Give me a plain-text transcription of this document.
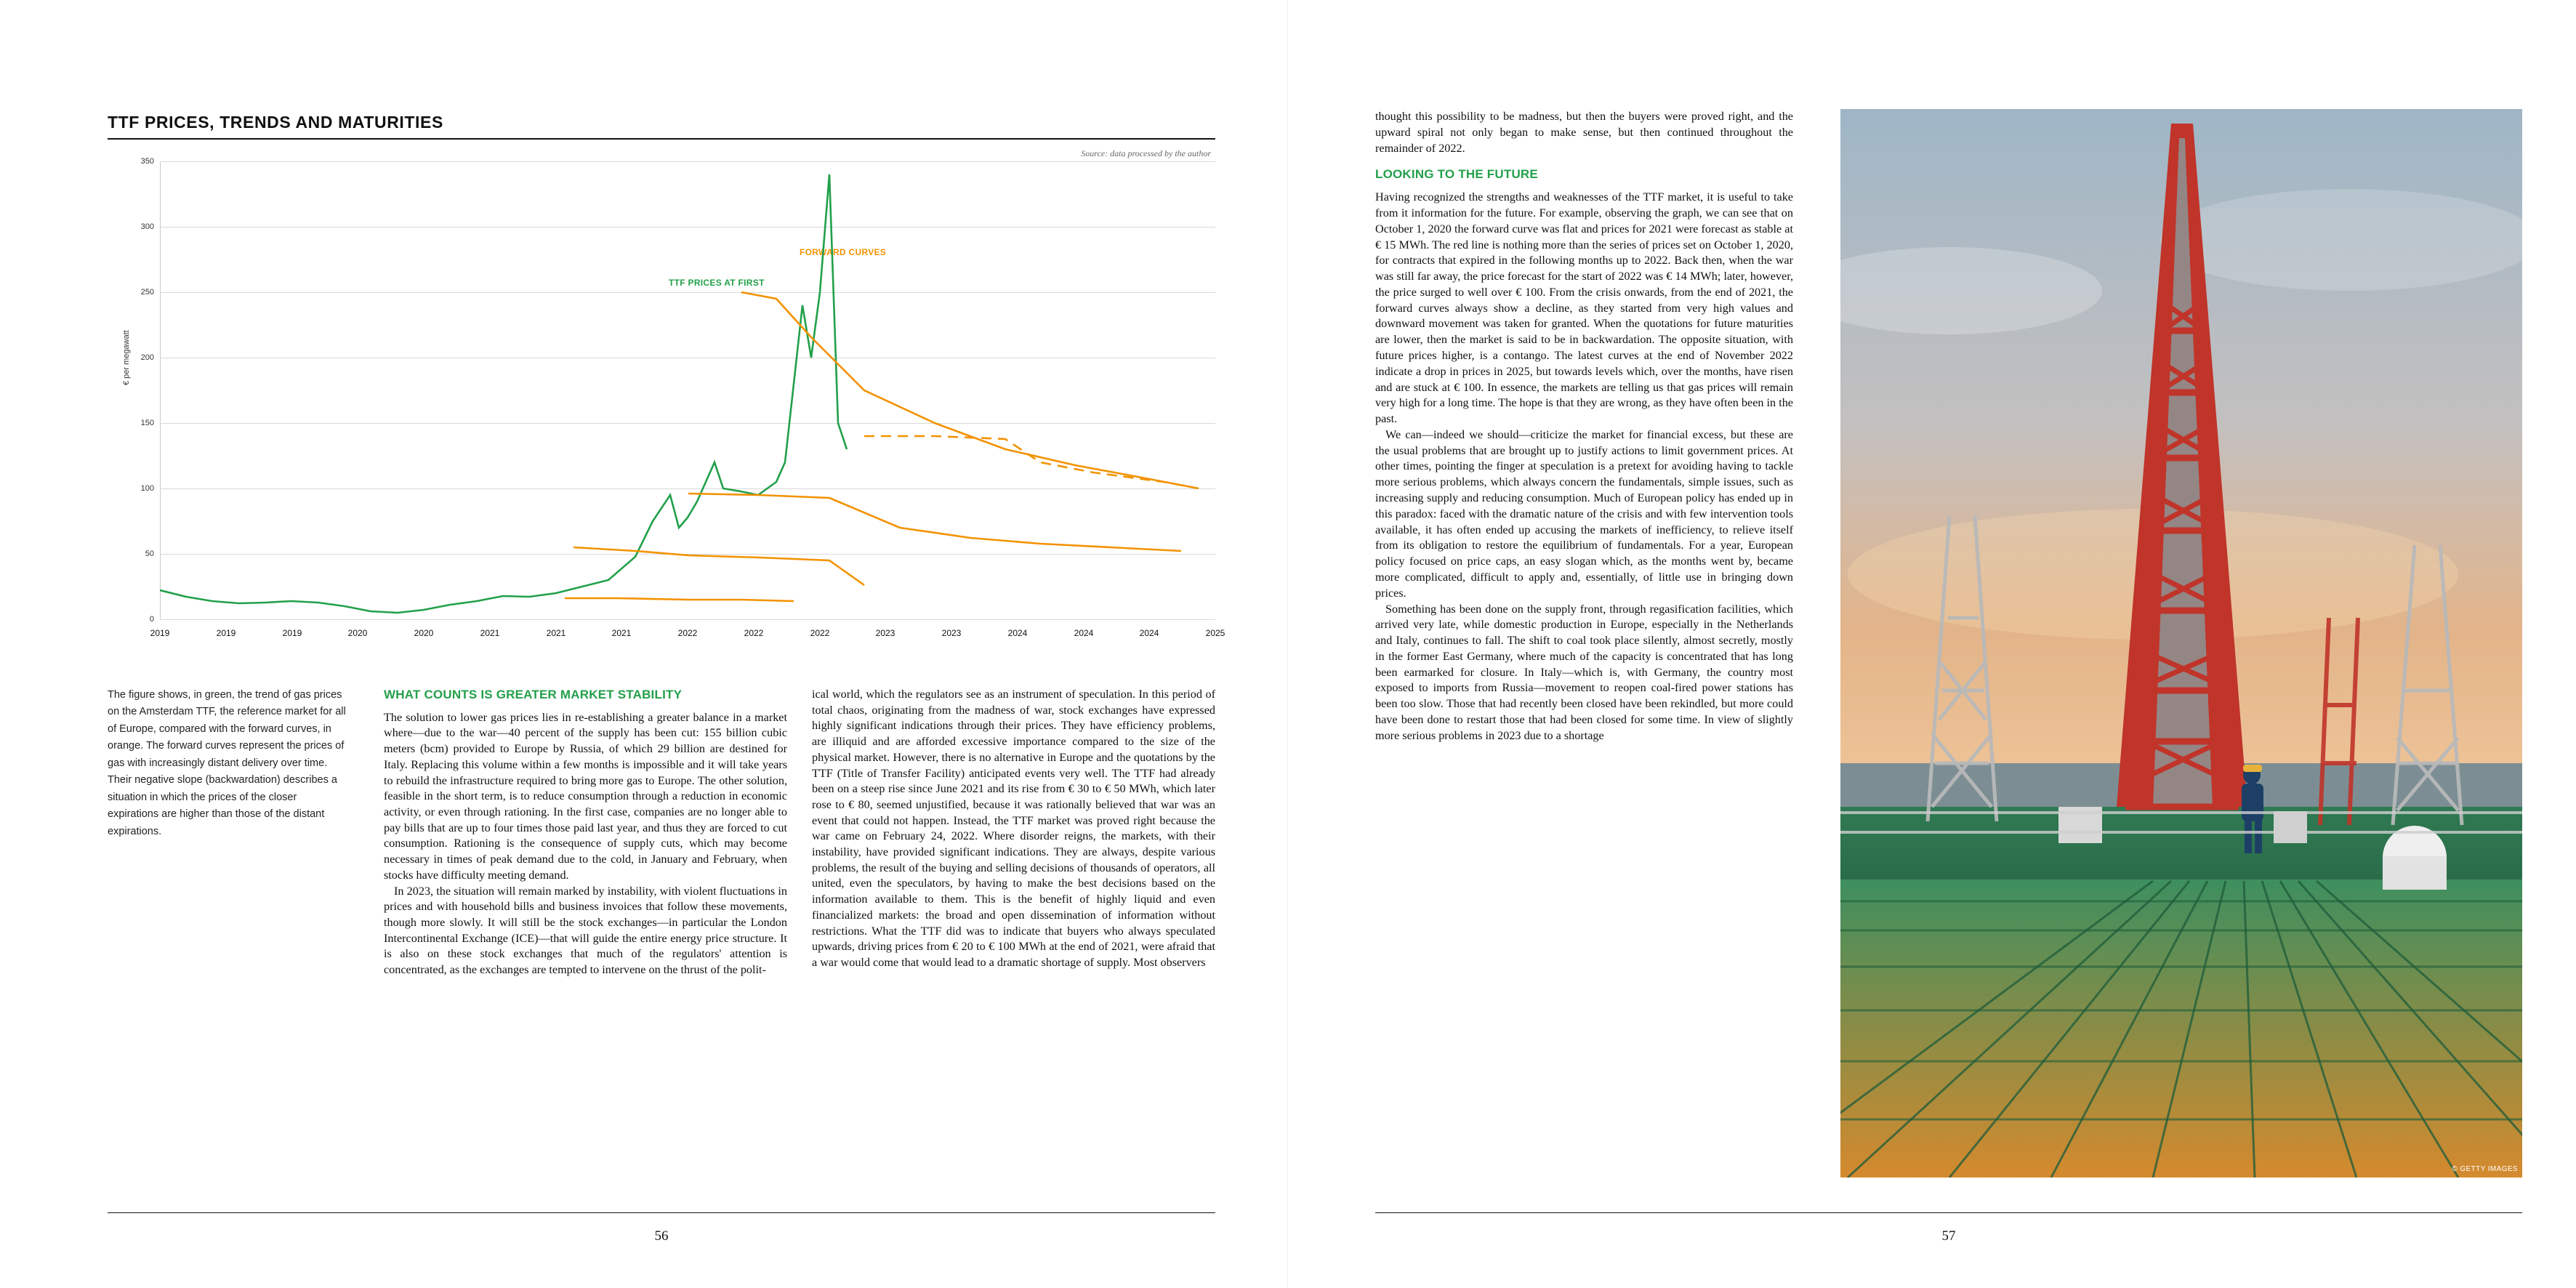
TTF PRICES, TRENDS AND MATURITIES
Source: data processed by the author
€ per megawatt
350
300
250
200
150
100
50
0
TTF PRICES AT FIRST
FORWARD CURVES
2019	2019	2019	2020	2020	2021	2021	2021	2022	2022	2022	2023	2023	2024	2024	2024	2025
The figure shows, in green, the trend of gas prices on the Amsterdam TTF, the reference market for all of Europe, compared with the forward curves, in orange. The forward curves represent the prices of gas with increasingly distant delivery over time. Their negative slope (backwardation) describes a situation in which the prices of the closer expirations are higher than those of the distant expirations.
WHAT COUNTS IS GREATER MARKET STABILITY

The solution to lower gas prices lies in re-establishing a greater balance in a market where—due to the war—40 percent of the supply has been cut: 155 billion cubic meters (bcm) provided to Europe by Russia, of which 29 billion are destined for Italy. Replacing this volume within a few months is impossible and it will take years to rebuild the infrastructure required to bring more gas to Europe. The other solution, feasible in the short term, is to reduce consumption through a reduction in economic activity, or even through rationing. In the first case, companies are no longer able to pay bills that are up to four times those paid last year, and thus they are forced to cut consumption. Rationing is the consequence of supply cuts, which may become necessary in times of peak demand due to the cold, in January and February, when stocks have difficulty meeting demand.

In 2023, the situation will remain marked by instability, with violent fluctuations in prices and with household bills and business invoices that follow these movements, though more slowly. It will still be the stock exchanges—in particular the London Intercontinental Exchange (ICE)—that will guide the entire energy price structure. It is also on these stock exchanges that much of the regulators' attention is concentrated, as the exchanges are tempted to intervene on the thrust of the polit-

ical world, which the regulators see as an instrument of speculation. In this period of total chaos, originating from the madness of war, stock exchanges have expressed highly significant indications through their prices. They have efficiency problems, are illiquid and are afforded excessive importance compared to the size of the physical market. However, there is no alternative in Europe and the quotations by the TTF (Title of Transfer Facility) anticipated events very well. The TTF had already been on a steep rise since June 2021 and its rise from € 30 to € 50 MWh, which later rose to € 80, seemed unjustified, because it was rationally believed that war was an event that could not happen. Instead, the TTF market was proved right because the war came on February 24, 2022. Where disorder reigns, the markets, with their instability, have provided significant indications. They are always, despite various problems, the result of the buying and selling decisions of thousands of operators, all united, even the speculators, by having to make the best decisions based on the information available to them. This is the benefit of highly liquid and even financialized markets: the broad and open dissemination of information without restrictions. What the TTF did was to indicate that buyers who always speculated upwards, driving prices from € 20 to € 100 MWh at the end of 2021, were afraid that a war would come that would lead to a dramatic shortage of supply. Most observers

56

thought this possibility to be madness, but then the buyers were proved right, and the upward spiral not only began to make sense, but then continued throughout the remainder of 2022.

LOOKING TO THE FUTURE

Having recognized the strengths and weaknesses of the TTF market, it is useful to take from it information for the future. For example, observing the graph, we can see that on October 1, 2020 the forward curve was flat and prices for 2021 were forecast as stable at € 15 MWh. The red line is nothing more than the series of prices set on October 1, 2020, for contracts that expired in the following months up to 2022. Back then, when the war was still far away, the price forecast for the start of 2022 was € 14 MWh; later, however, the price surged to well over € 100. From the crisis onwards, from the end of 2021, the forward curves always show a decline, as they started from very high values and downward movement was taken for granted. When the quotations for future maturities are lower, then the market is said to be in backwardation. The opposite situation, with future prices higher, is a contango. The latest curves at the end of November 2022 indicate a drop in prices in 2025, but towards levels which, over the months, have risen and are stuck at € 100. In essence, the markets are telling us that gas prices will remain very high for a long time. The hope is that they are wrong, as they have often been in the past.

We can—indeed we should—criticize the market for financial excess, but these are the usual problems that are brought up to justify actions to limit government prices. At other times, pointing the finger at speculation is a pretext for avoiding having to tackle more serious problems, which always concern the fundamentals, simple issues, such as increasing supply and reducing consumption. Much of European policy has ended up in this paradox: faced with the dramatic nature of the crisis and with few intervention tools available, it has often ended up accusing the markets of inefficiency, to relieve itself from its obligation to restore the equilibrium of fundamentals. For a year, European policy focused on price caps, an easy slogan which, as the months went by, became more complicated, difficult to apply and, essentially, of little use in bringing down prices.

Something has been done on the supply front, through regasification facilities, which arrived very late, while domestic production in Europe, especially in the Netherlands and Italy, continues to fall. The shift to coal took place silently, almost secretly, mostly in the former East Germany, where much of the capacity is concentrated that has long been earmarked for closure. In Italy—which is, with Germany, the country most exposed to imports from Russia—movement to reopen coal-fired power stations has been too slow. Those that had recently been closed have been rekindled, but more could have been done to restart those that had been closed for some time. In view of slightly more serious problems in 2023 due to a shortage

© GETTY IMAGES
57
